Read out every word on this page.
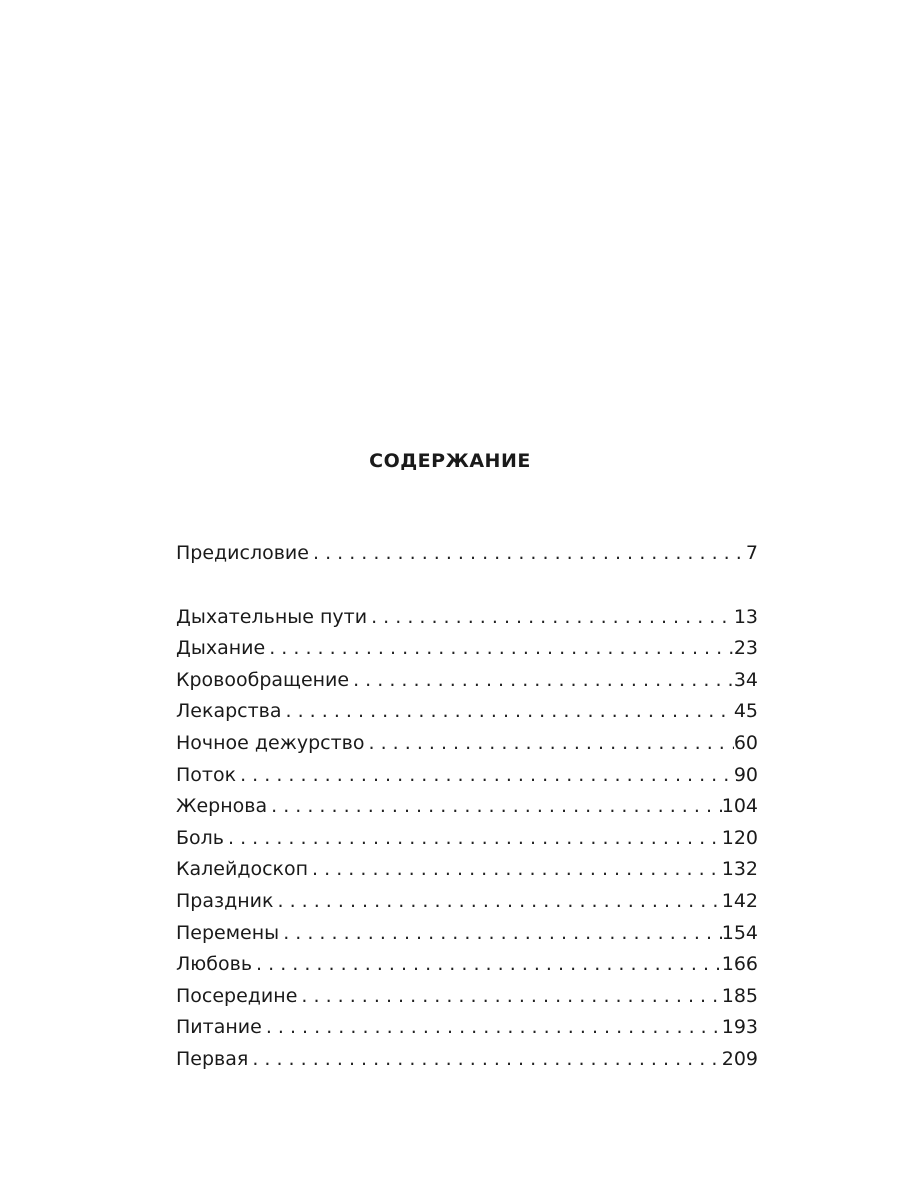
СОДЕРЖАНИЕ
Предисловие . . .	7
Дыхательные пути . . .	13
Дыхание . . .	23
Кровообращение . . .	34
Лекарства . . .	45
Ночное дежурство . . .	60
Поток . . .	90
Жернова . . .	104
Боль . . .	120
Калейдоскоп . . .	132
Праздник . . .	142
Перемены . . .	154
Любовь . . .	166
Посередине . . .	185
Питание . . .	193
Первая . . .	209
